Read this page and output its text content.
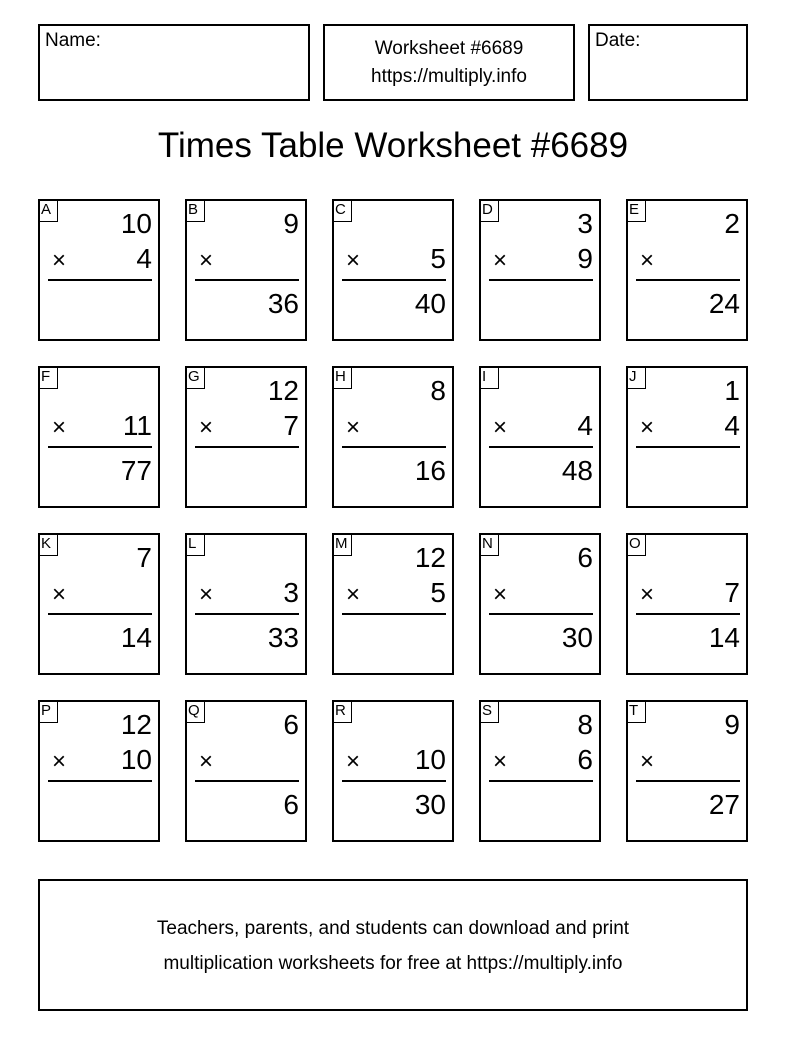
Name:	Worksheet #6689
https://multiply.info
Date:
Times Table Worksheet #6689
A 10
×	4
B	9
×
36
C
×	5
40
D	3
×	9
E	2
×
24
F
× 11
77
G 12
×	7
H	8
×
16
I
×	4
48
J	1
×	4
K	7
×
14
L
×	3
33
M 12
×	5
N	6
×
30
O
×	7
14
P 12
× 10
Q	6
×
6
R
× 10
30
S	8
×	6
T	9
×
27
Teachers, parents, and students can download and print
multiplication worksheets for free at https://multiply.info
